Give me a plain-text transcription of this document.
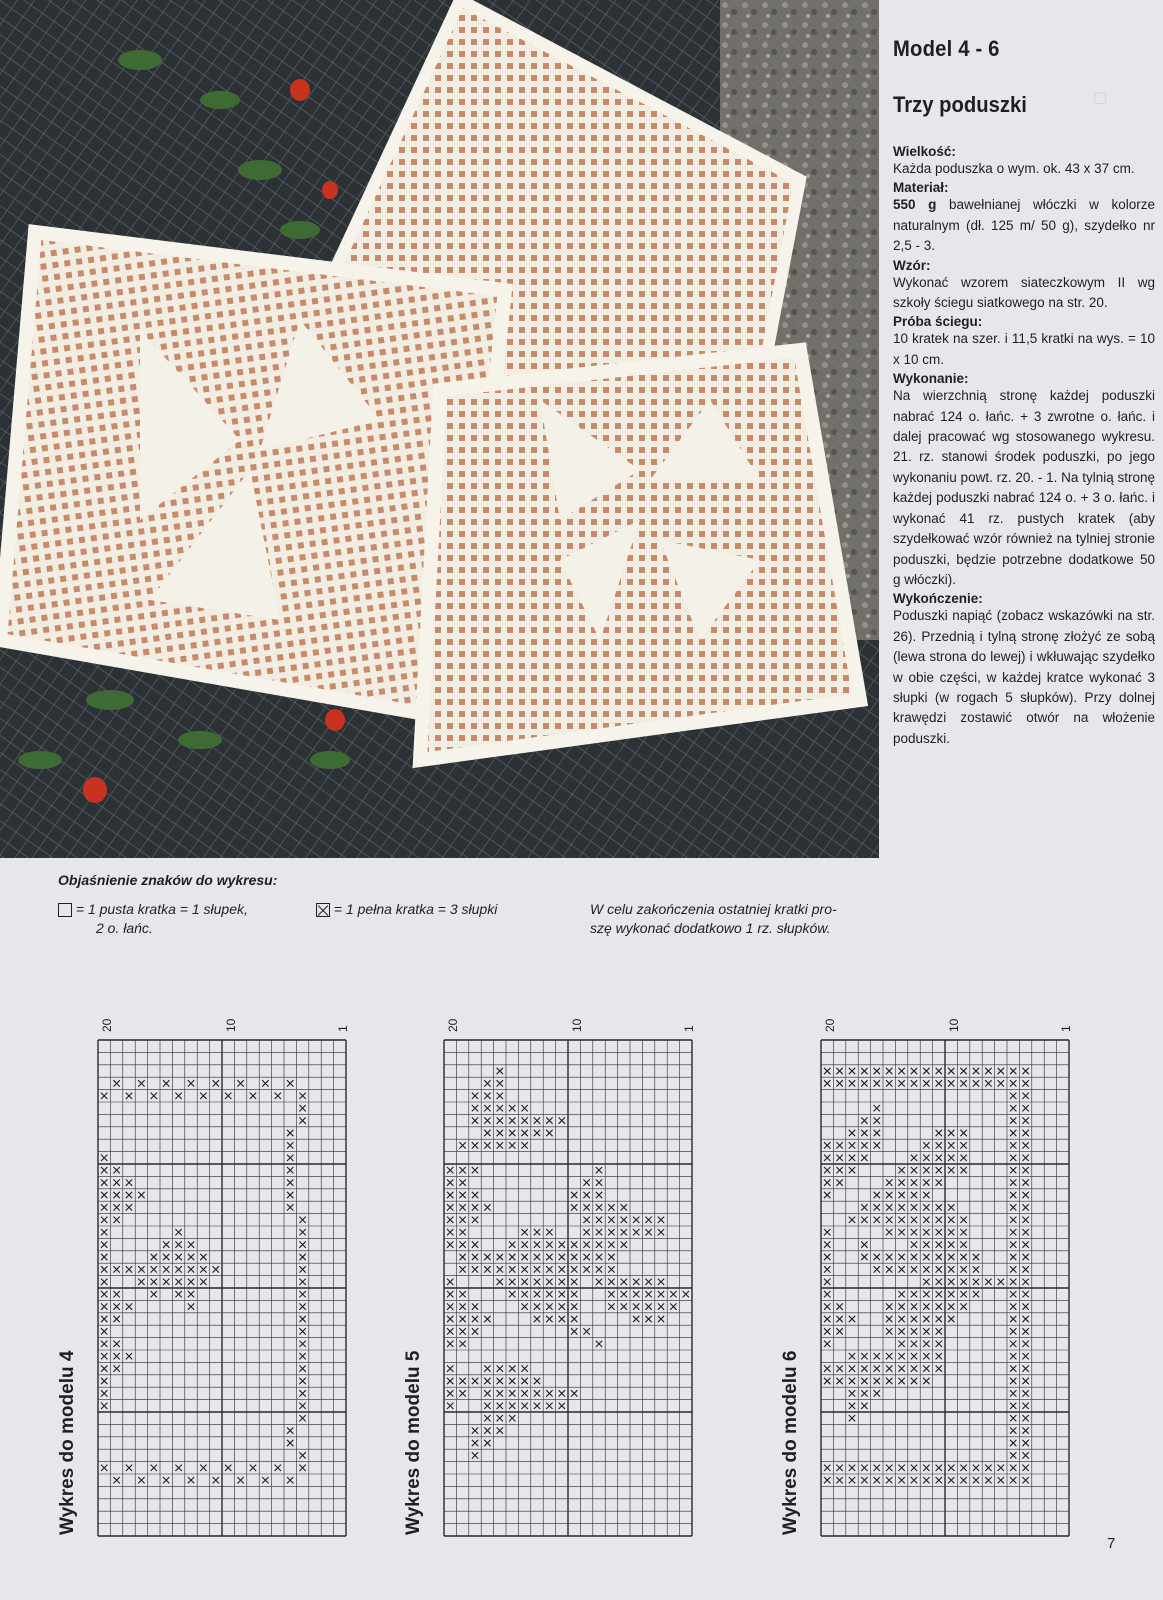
▢
Model 4 - 6
Trzy poduszki
Wielkość:

Każda poduszka o wym. ok. 43 x 37 cm.

Materiał:

550 g bawełnianej włóczki w kolorze naturalnym (dł. 125 m/ 50 g), szydełko nr 2,5 - 3.

Wzór:

Wykonać wzorem siateczkowym II wg szkoły ściegu siatkowego na str. 20.

Próba ściegu:

10 kratek na szer. i 11,5 kratki na wys. = 10 x 10 cm.

Wykonanie:

Na wierzchnią stronę każdej poduszki nabrać 124 o. łańc. + 3 zwrotne o. łańc. i dalej pracować wg stosowanego wykresu. 21. rz. stanowi środek poduszki, po jego wykonaniu powt. rz. 20. - 1. Na tylnią stronę każdej poduszki nabrać 124 o. + 3 o. łańc. i wykonać 41 rz. pustych kratek (aby szydełkować wzór również na tylniej stronie poduszki, będzie potrzebne dodatkowe 50 g włóczki).

Wykończenie:

Poduszki napiąć (zobacz wskazówki na str. 26). Przednią i tylną stronę złożyć ze sobą (lewa strona do lewej) i wkłuwając szydełko w obie części, w każdej kratce wykonać 3 słupki (w rogach 5 słupków). Przy dolnej krawędzi zostawić otwór na włożenie poduszki.

Objaśnienie znaków do wykresu:
= 1 pusta kratka = 1 słupek,
2 o. łańc.
= 1 pełna kratka = 3 słupki	W celu zakończenia ostatniej kratki pro-
szę wykonać dodatkowo 1 rz. słupków.
Wykres do modelu 4
20	10	1
Wykres do modelu 5
20	10	1
Wykres do modelu 6
20	10	1
7
